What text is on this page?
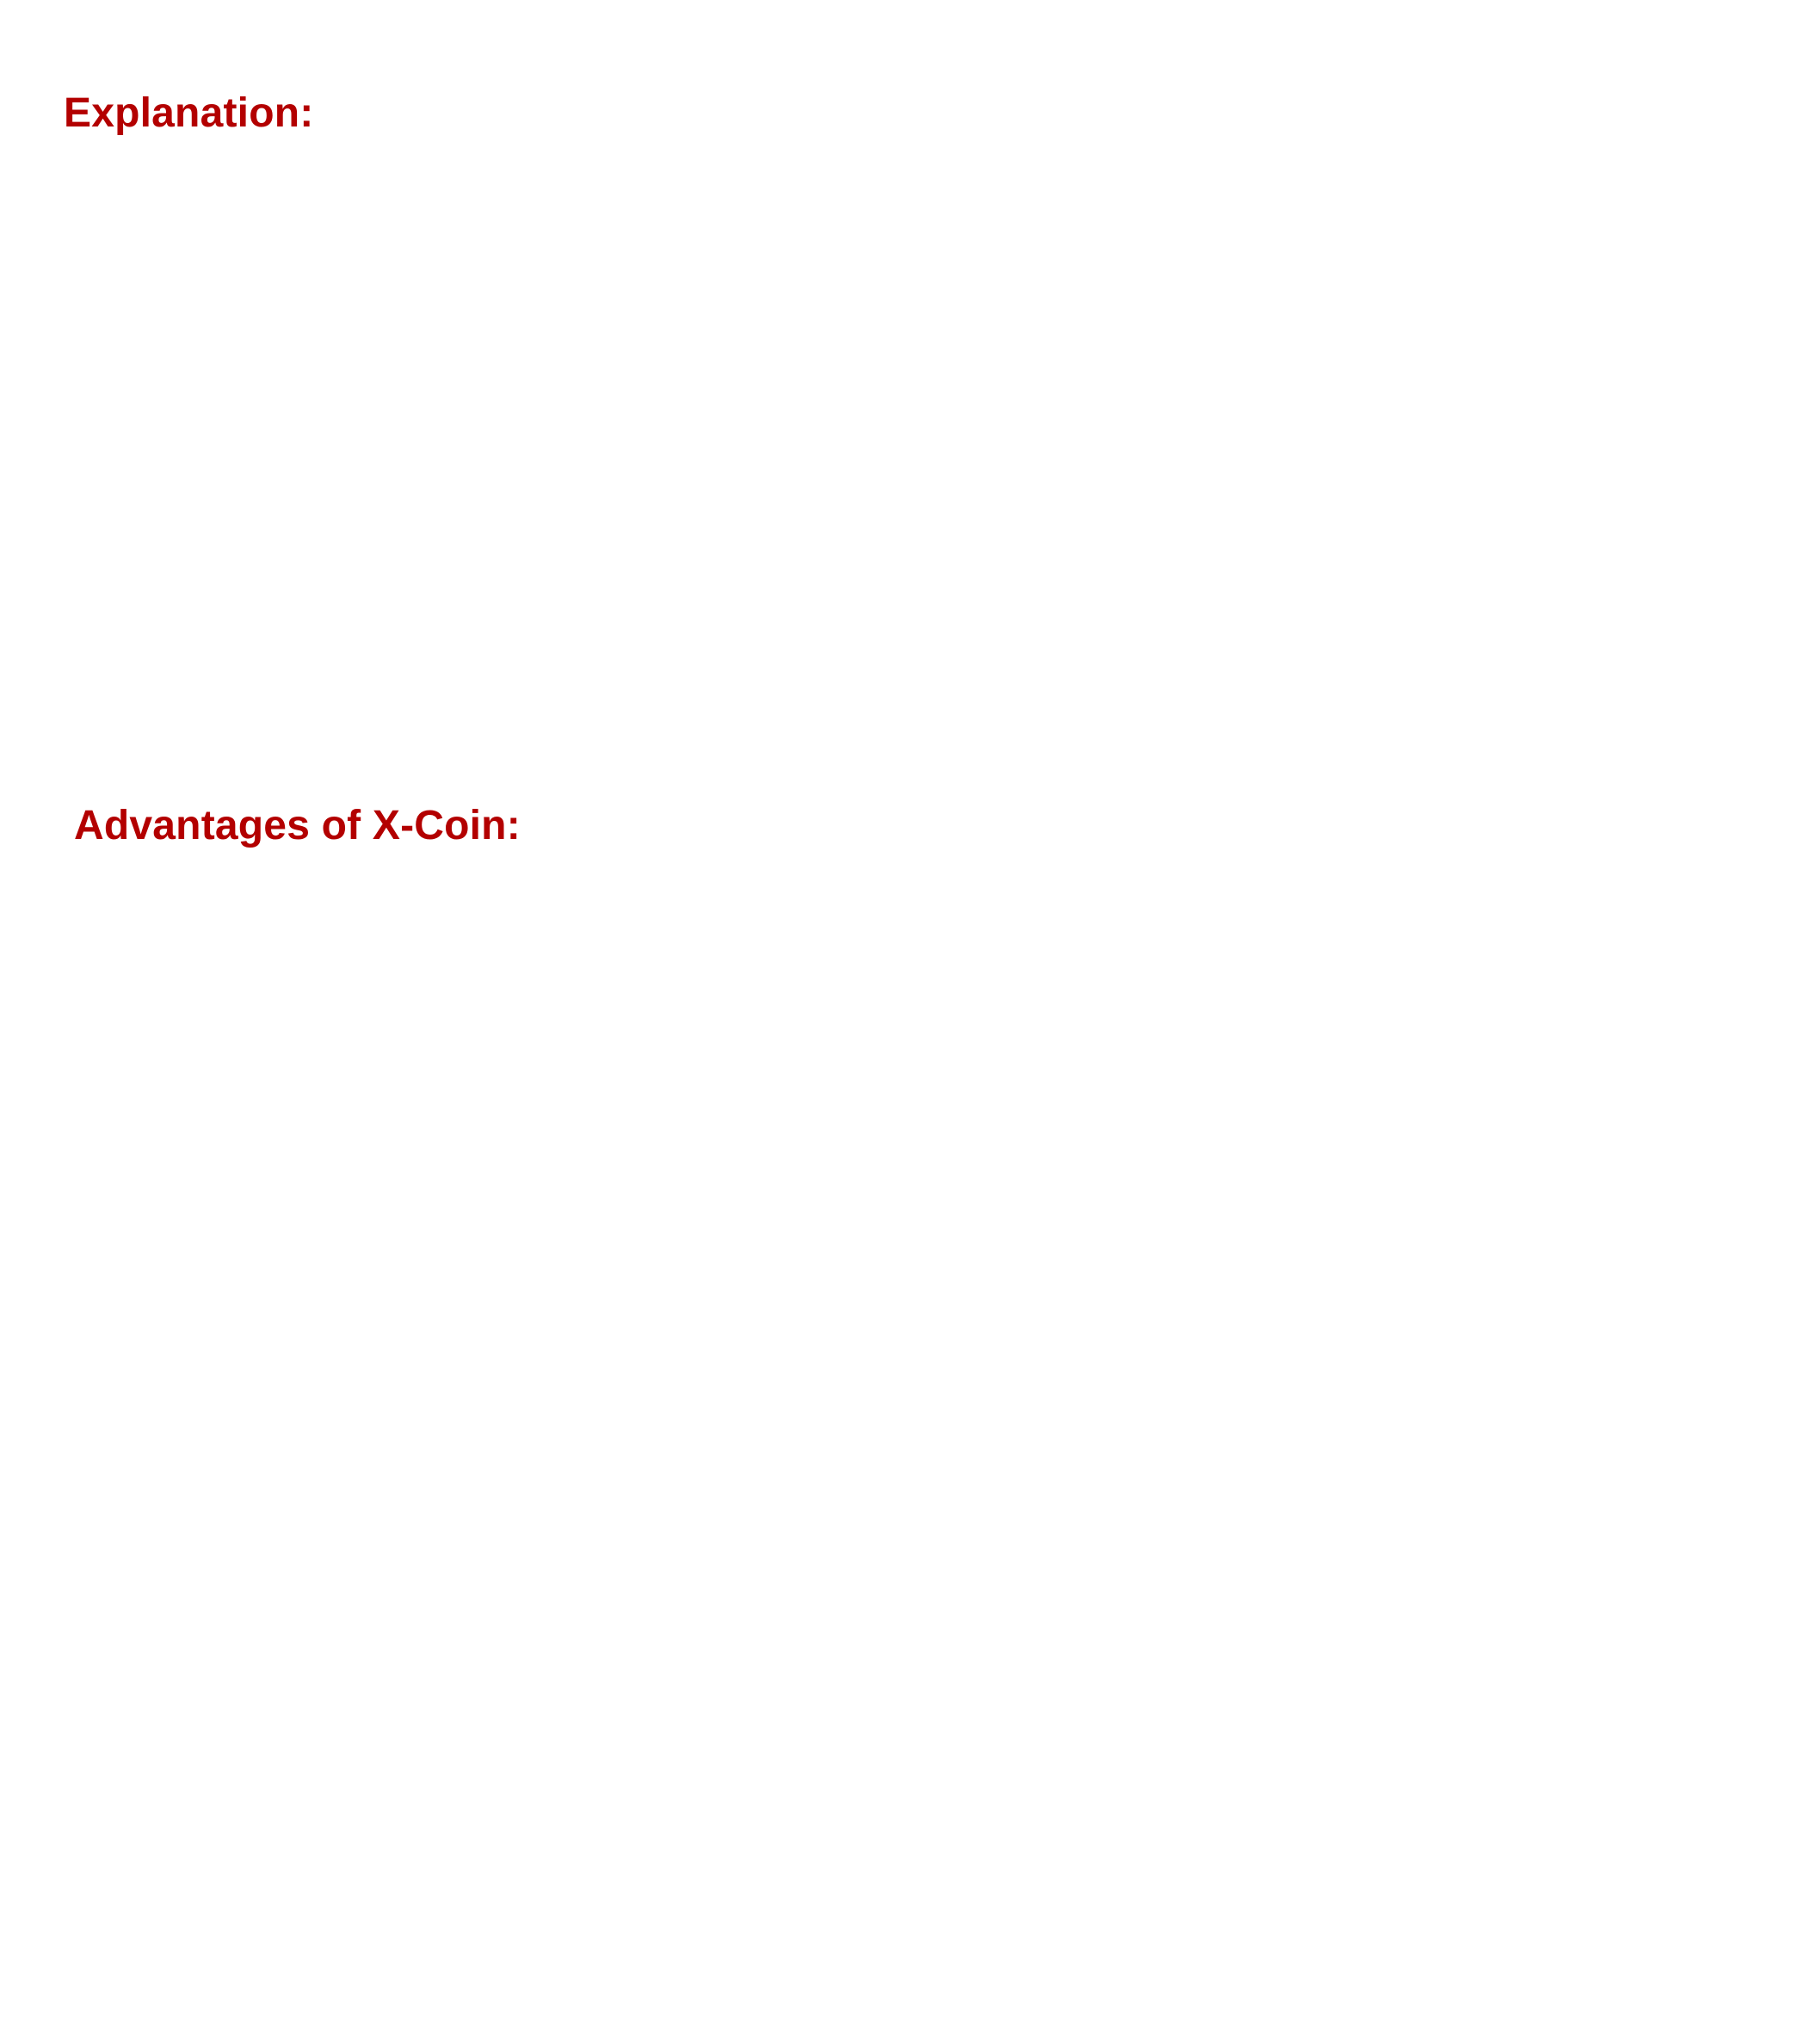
Explanation:
Advantages of X-Coin:
